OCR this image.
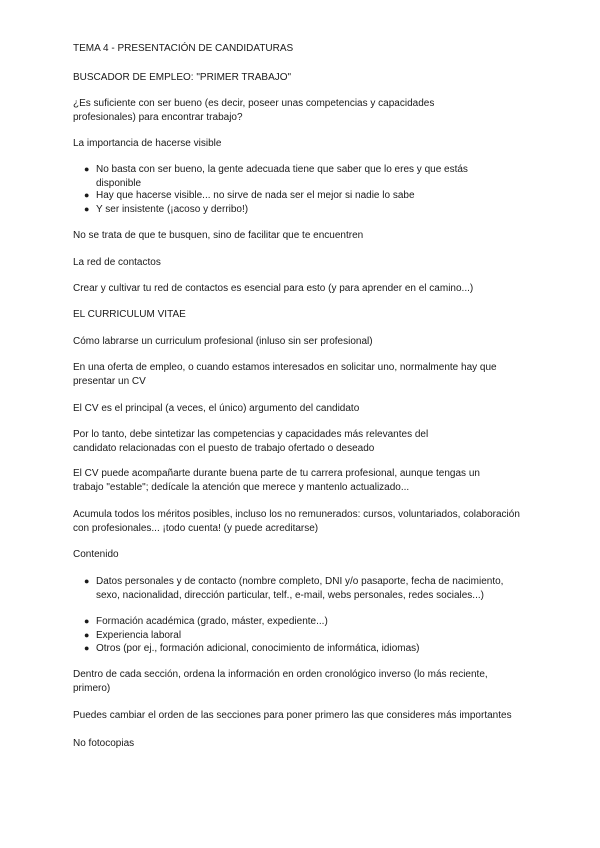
TEMA 4 - PRESENTACIÓN DE CANDIDATURAS

BUSCADOR DE EMPLEO: "PRIMER TRABAJO"

¿Es suficiente con ser bueno (es decir, poseer unas competencias y capacidades profesionales) para encontrar trabajo?

La importancia de hacerse visible

● No basta con ser bueno, la gente adecuada tiene que saber que lo eres y que estás disponible
● Hay que hacerse visible... no sirve de nada ser el mejor si nadie lo sabe
● Y ser insistente (¡acoso y derribo!)

No se trata de que te busquen, sino de facilitar que te encuentren

La red de contactos

Crear y cultivar tu red de contactos es esencial para esto (y para aprender en el camino...)

EL CURRICULUM VITAE

Cómo labrarse un curriculum profesional (inluso sin ser profesional)

En una oferta de empleo, o cuando estamos interesados en solicitar uno, normalmente hay que presentar un CV

El CV es el principal (a veces, el único) argumento del candidato

Por lo tanto, debe sintetizar las competencias y capacidades más relevantes del candidato relacionadas con el puesto de trabajo ofertado o deseado

El CV puede acompañarte durante buena parte de tu carrera profesional, aunque tengas un trabajo "estable"; dedícale la atención que merece y mantenlo actualizado...

Acumula todos los méritos posibles, incluso los no remunerados: cursos, voluntariados, colaboración con profesionales... ¡todo cuenta! (y puede acreditarse)

Contenido

● Datos personales y de contacto (nombre completo, DNI y/o pasaporte, fecha de nacimiento, sexo, nacionalidad, dirección particular, telf., e-mail, webs personales, redes sociales...)
● Formación académica (grado, máster, expediente...)
● Experiencia laboral
● Otros (por ej., formación adicional, conocimiento de informática, idiomas)

Dentro de cada sección, ordena la información en orden cronológico inverso (lo más reciente, primero)

Puedes cambiar el orden de las secciones para poner primero las que consideres más importantes

No fotocopias
